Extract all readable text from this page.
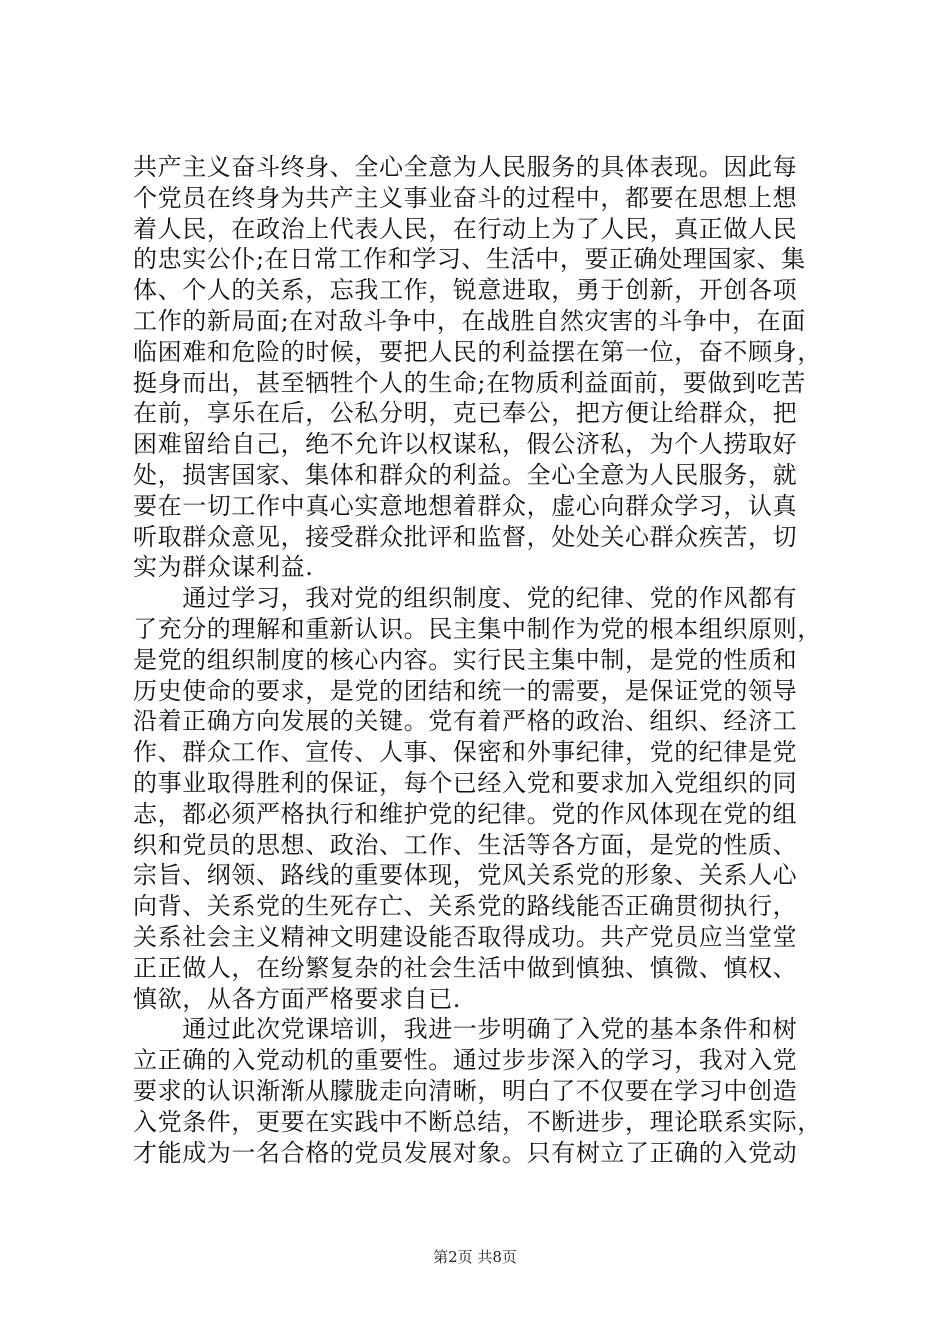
共产主义奋斗终身、全心全意为人民服务的具体表现。因此每
个党员在终身为共产主义事业奋斗的过程中，都要在思想上想
着人民，在政治上代表人民，在行动上为了人民，真正做人民
的忠实公仆;在日常工作和学习、生活中，要正确处理国家、集
体、个人的关系，忘我工作，锐意进取，勇于创新，开创各项
工作的新局面;在对敌斗争中，在战胜自然灾害的斗争中，在面
临困难和危险的时候，要把人民的利益摆在第一位，奋不顾身，
挺身而出，甚至牺牲个人的生命;在物质利益面前，要做到吃苦
在前，享乐在后，公私分明，克已奉公，把方便让给群众，把
困难留给自己，绝不允许以权谋私，假公济私，为个人捞取好
处，损害国家、集体和群众的利益。全心全意为人民服务，就
要在一切工作中真心实意地想着群众，虚心向群众学习，认真
听取群众意见，接受群众批评和监督，处处关心群众疾苦，切
实为群众谋利益.
　　通过学习，我对党的组织制度、党的纪律、党的作风都有
了充分的理解和重新认识。民主集中制作为党的根本组织原则，
是党的组织制度的核心内容。实行民主集中制，是党的性质和
历史使命的要求，是党的团结和统一的需要，是保证党的领导
沿着正确方向发展的关键。党有着严格的政治、组织、经济工
作、群众工作、宣传、人事、保密和外事纪律，党的纪律是党
的事业取得胜利的保证，每个已经入党和要求加入党组织的同
志，都必须严格执行和维护党的纪律。党的作风体现在党的组
织和党员的思想、政治、工作、生活等各方面，是党的性质、
宗旨、纲领、路线的重要体现，党风关系党的形象、关系人心
向背、关系党的生死存亡、关系党的路线能否正确贯彻执行，
关系社会主义精神文明建设能否取得成功。共产党员应当堂堂
正正做人，在纷繁复杂的社会生活中做到慎独、慎微、慎权、
慎欲，从各方面严格要求自已.
　　通过此次党课培训，我进一步明确了入党的基本条件和树
立正确的入党动机的重要性。通过步步深入的学习，我对入党
要求的认识渐渐从朦胧走向清晰，明白了不仅要在学习中创造
入党条件，更要在实践中不断总结，不断进步，理论联系实际，
才能成为一名合格的党员发展对象。只有树立了正确的入党动
第2页 共8页
